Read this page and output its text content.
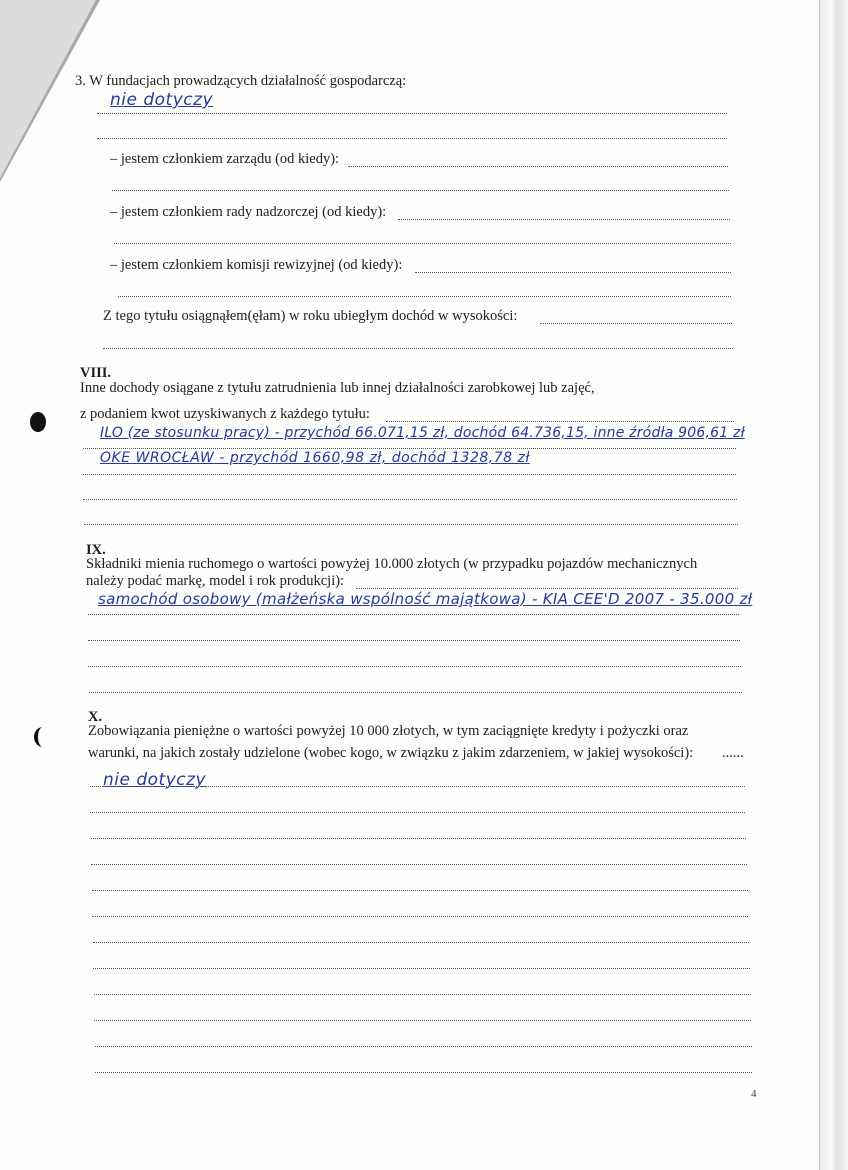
3. W fundacjach prowadzących działalność gospodarczą:
nie dotyczy
– jestem członkiem zarządu (od kiedy):
– jestem członkiem rady nadzorczej (od kiedy):
– jestem członkiem komisji rewizyjnej (od kiedy):
Z tego tytułu osiągnąłem(ęłam) w roku ubiegłym dochód w wysokości:
VIII.
Inne dochody osiągane z tytułu zatrudnienia lub innej działalności zarobkowej lub zajęć,
z podaniem kwot uzyskiwanych z każdego tytułu:
ILO (ze stosunku pracy) - przychód 66.071,15 zł, dochód 64.736,15, inne źródła 906,61 zł
OKE WROCŁAW - przychód 1660,98 zł, dochód 1328,78 zł
IX.
Składniki mienia ruchomego o wartości powyżej 10.000 złotych (w przypadku pojazdów mechanicznych
należy podać markę, model i rok produkcji):
samochód osobowy (małżeńska wspólność majątkowa) - KIA CEE'D 2007 - 35.000 zł
X.
Zobowiązania pieniężne o wartości powyżej 10 000 złotych, w tym zaciągnięte kredyty i pożyczki oraz
warunki, na jakich zostały udzielone (wobec kogo, w związku z jakim zdarzeniem, w jakiej wysokości): ......
nie dotyczy
4
